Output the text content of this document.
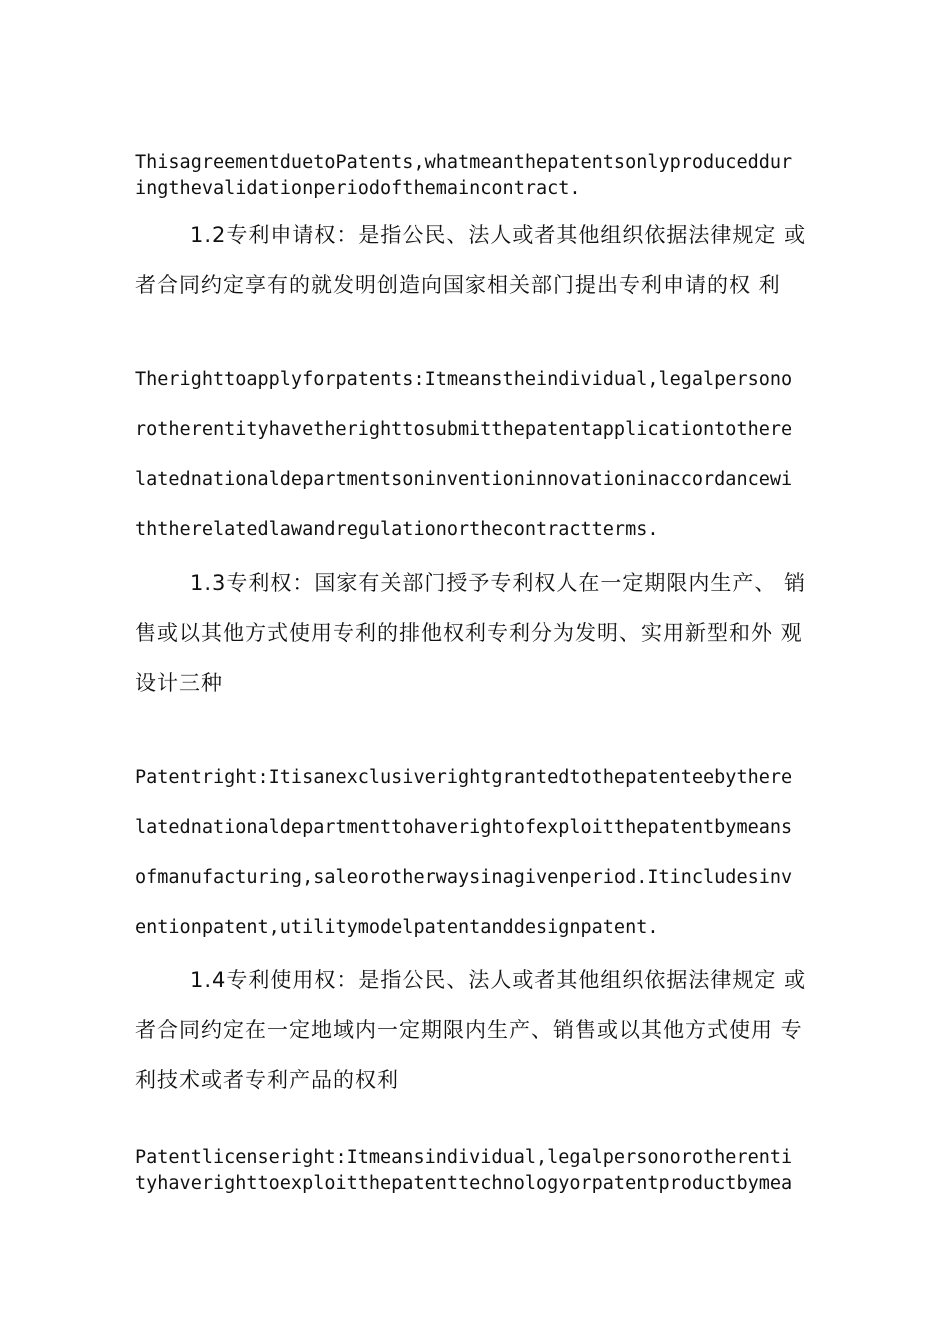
ThisagreementduetoPatents,whatmeanthepatentsonlyproduceddur
ingthevalidationperiodofthemaincontract.
1.2专利申请权：是指公民、法人或者其他组织依据法律规定 或
者合同约定享有的就发明创造向国家相关部门提出专利申请的权 利
Therighttoapplyforpatents:Itmeanstheindividual,legalpersono
rotherentityhavetherighttosubmitthepatentapplicationtothere
latednationaldepartmentsoninventioninnovationinaccordancewi
ththerelatedlawandregulationorthecontractterms.
1.3专利权：国家有关部门授予专利权人在一定期限内生产、 销
售或以其他方式使用专利的排他权利专利分为发明、实用新型和外 观
设计三种
Patentright:Itisanexclusiverightgrantedtothepatenteebythere
latednationaldepartmenttohaverightofexploitthepatentbymeans
ofmanufacturing,saleorotherwaysinagivenperiod.Itincludesinv
entionpatent,utilitymodelpatentanddesignpatent.
1.4专利使用权：是指公民、法人或者其他组织依据法律规定 或
者合同约定在一定地域内一定期限内生产、销售或以其他方式使用 专
利技术或者专利产品的权利
Patentlicenseright:Itmeansindividual,legalpersonorotherenti
tyhaverighttoexploitthepatenttechnologyorpatentproductbymea
